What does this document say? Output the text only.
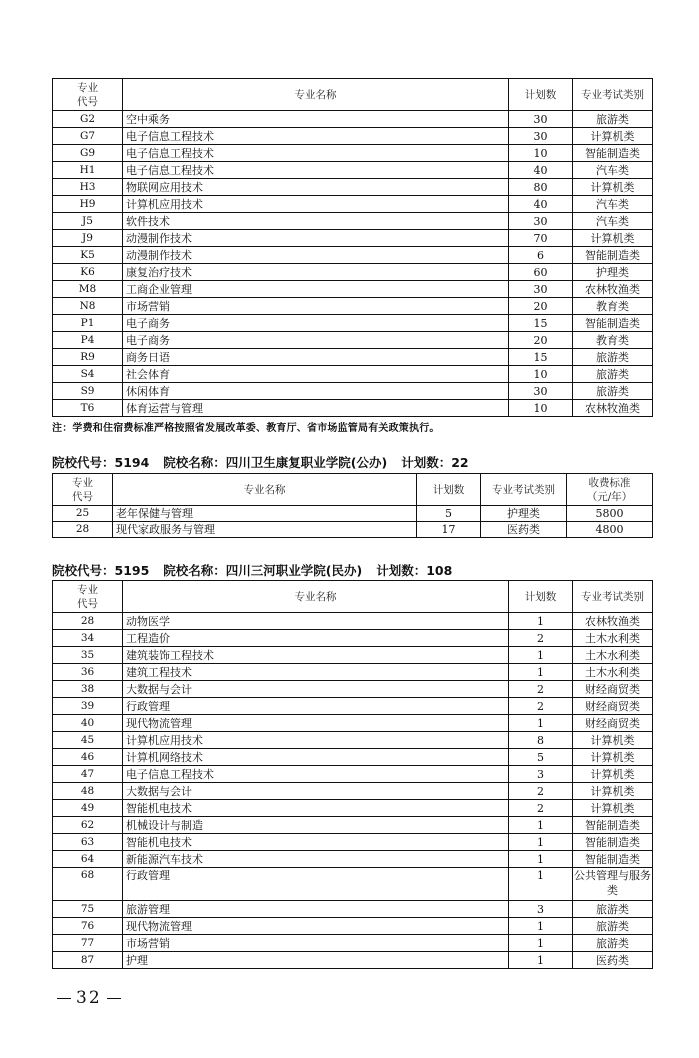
专业
代号	专业名称	计划数	专业考试类别
G2	空中乘务	30	旅游类
G7	电子信息工程技术	30	计算机类
G9	电子信息工程技术	10	智能制造类
H1	电子信息工程技术	40	汽车类
H3	物联网应用技术	80	计算机类
H9	计算机应用技术	40	汽车类
J5	软件技术	30	汽车类
J9	动漫制作技术	70	计算机类
K5	动漫制作技术	6	智能制造类
K6	康复治疗技术	60	护理类
M8	工商企业管理	30	农林牧渔类
N8	市场营销	20	教育类
P1	电子商务	15	智能制造类
P4	电子商务	20	教育类
R9	商务日语	15	旅游类
S4	社会体育	10	旅游类
S9	休闲体育	30	旅游类
T6	体育运营与管理	10	农林牧渔类
注：学费和住宿费标准严格按照省发展改革委、教育厅、省市场监管局有关政策执行。
院校代号：5194 院校名称：四川卫生康复职业学院(公办) 计划数：22
专业
代号	专业名称	计划数	专业考试类别	收费标准
（元/年）
25	老年保健与管理	5	护理类	5800
28	现代家政服务与管理	17	医药类	4800
院校代号：5195 院校名称：四川三河职业学院(民办) 计划数：108
专业
代号	专业名称	计划数	专业考试类别
28	动物医学	1	农林牧渔类
34	工程造价	2	土木水利类
35	建筑装饰工程技术	1	土木水利类
36	建筑工程技术	1	土木水利类
38	大数据与会计	2	财经商贸类
39	行政管理	2	财经商贸类
40	现代物流管理	1	财经商贸类
45	计算机应用技术	8	计算机类
46	计算机网络技术	5	计算机类
47	电子信息工程技术	3	计算机类
48	大数据与会计	2	计算机类
49	智能机电技术	2	计算机类
62	机械设计与制造	1	智能制造类
63	智能机电技术	1	智能制造类
64	新能源汽车技术	1	智能制造类
68	行政管理	1	公共管理与服务类
75	旅游管理	3	旅游类
76	现代物流管理	1	旅游类
77	市场营销	1	旅游类
87	护理	1	医药类
32
